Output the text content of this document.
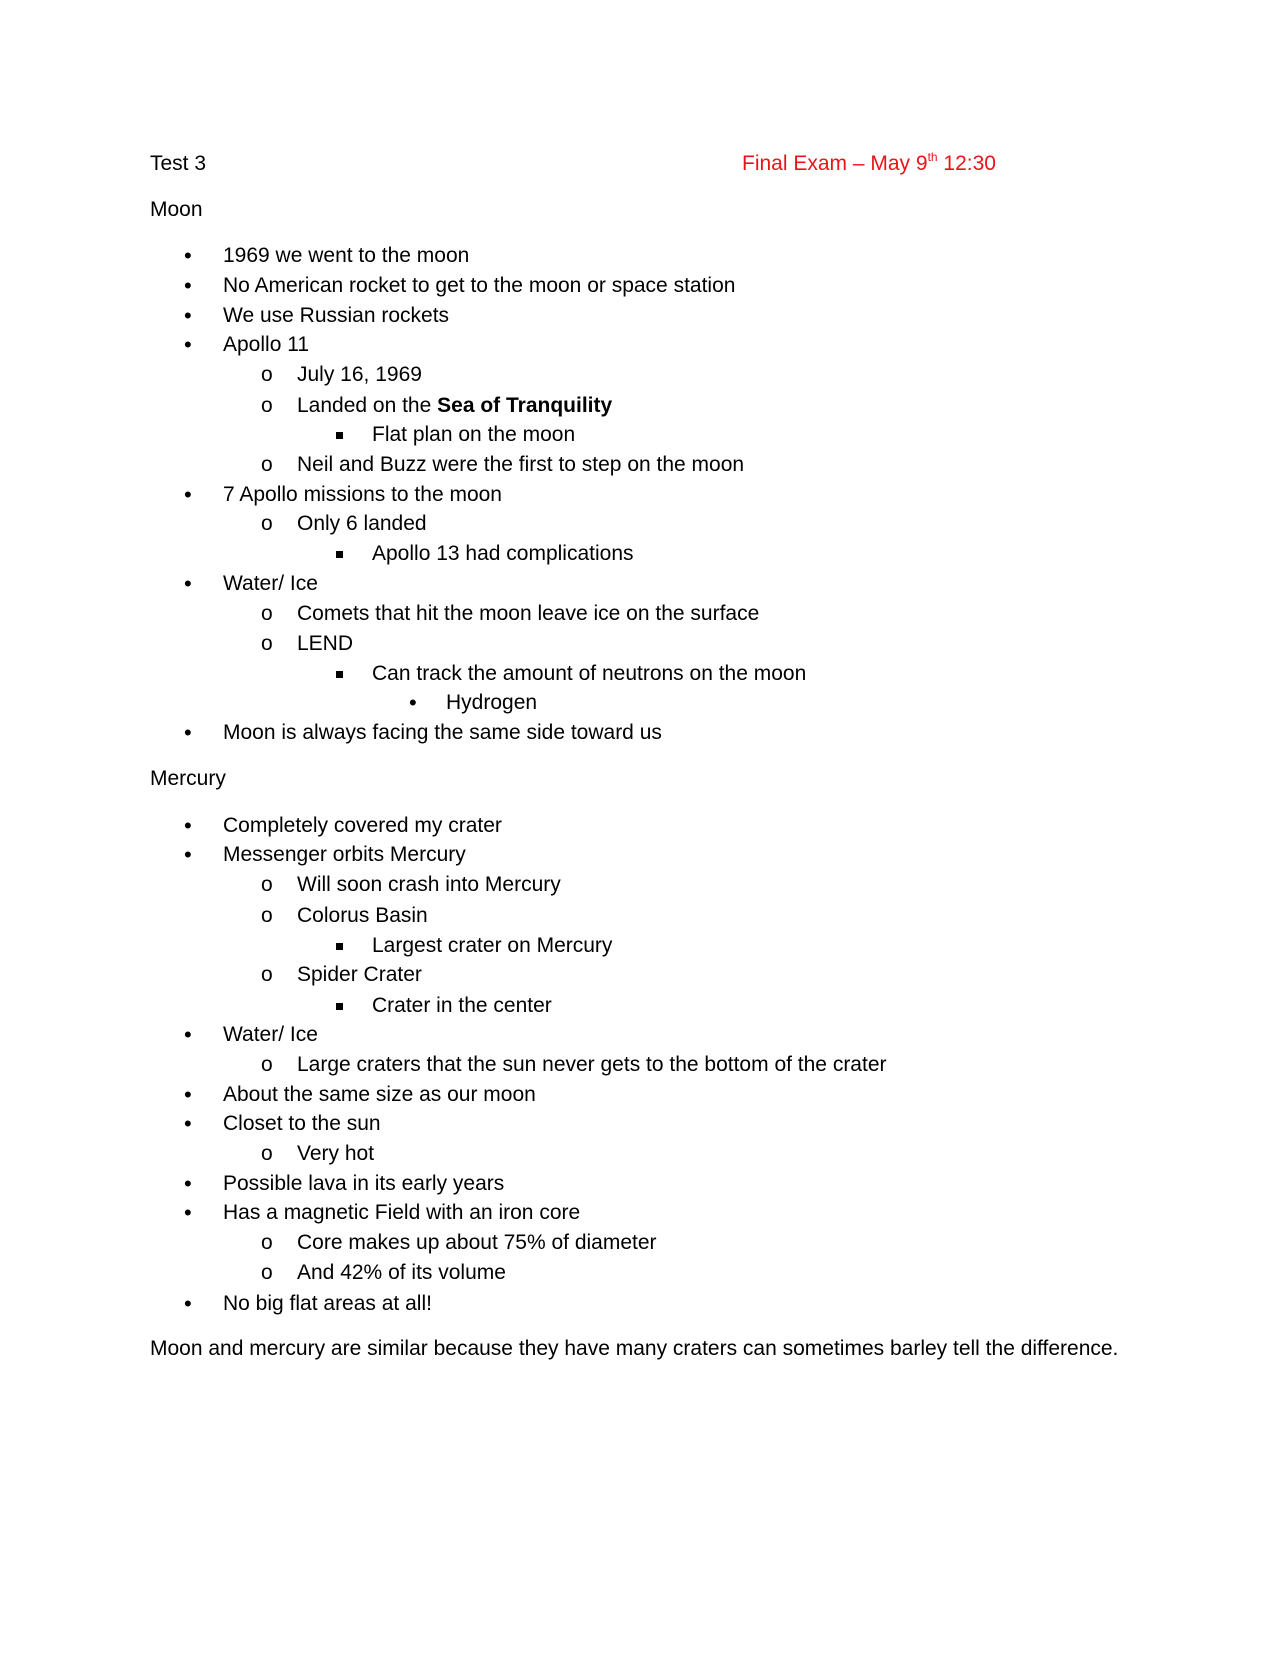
Test 3	Final Exam – May 9th 12:30
Moon
• 1969 we went to the moon
• No American rocket to get to the moon or space station
• We use Russian rockets
• Apollo 11
o July 16, 1969
o Landed on the Sea of Tranquility
Flat plan on the moon
o Neil and Buzz were the first to step on the moon
• 7 Apollo missions to the moon
o Only 6 landed
Apollo 13 had complications
• Water/ Ice
o Comets that hit the moon leave ice on the surface
o LEND
Can track the amount of neutrons on the moon
• Hydrogen
• Moon is always facing the same side toward us
Mercury
• Completely covered my crater
• Messenger orbits Mercury
o Will soon crash into Mercury
o Colorus Basin
Largest crater on Mercury
o Spider Crater
Crater in the center
• Water/ Ice
o Large craters that the sun never gets to the bottom of the crater
• About the same size as our moon
• Closet to the sun
o Very hot
• Possible lava in its early years
• Has a magnetic Field with an iron core
o Core makes up about 75% of diameter
o And 42% of its volume
• No big flat areas at all!
Moon and mercury are similar because they have many craters can sometimes barley tell the difference.
